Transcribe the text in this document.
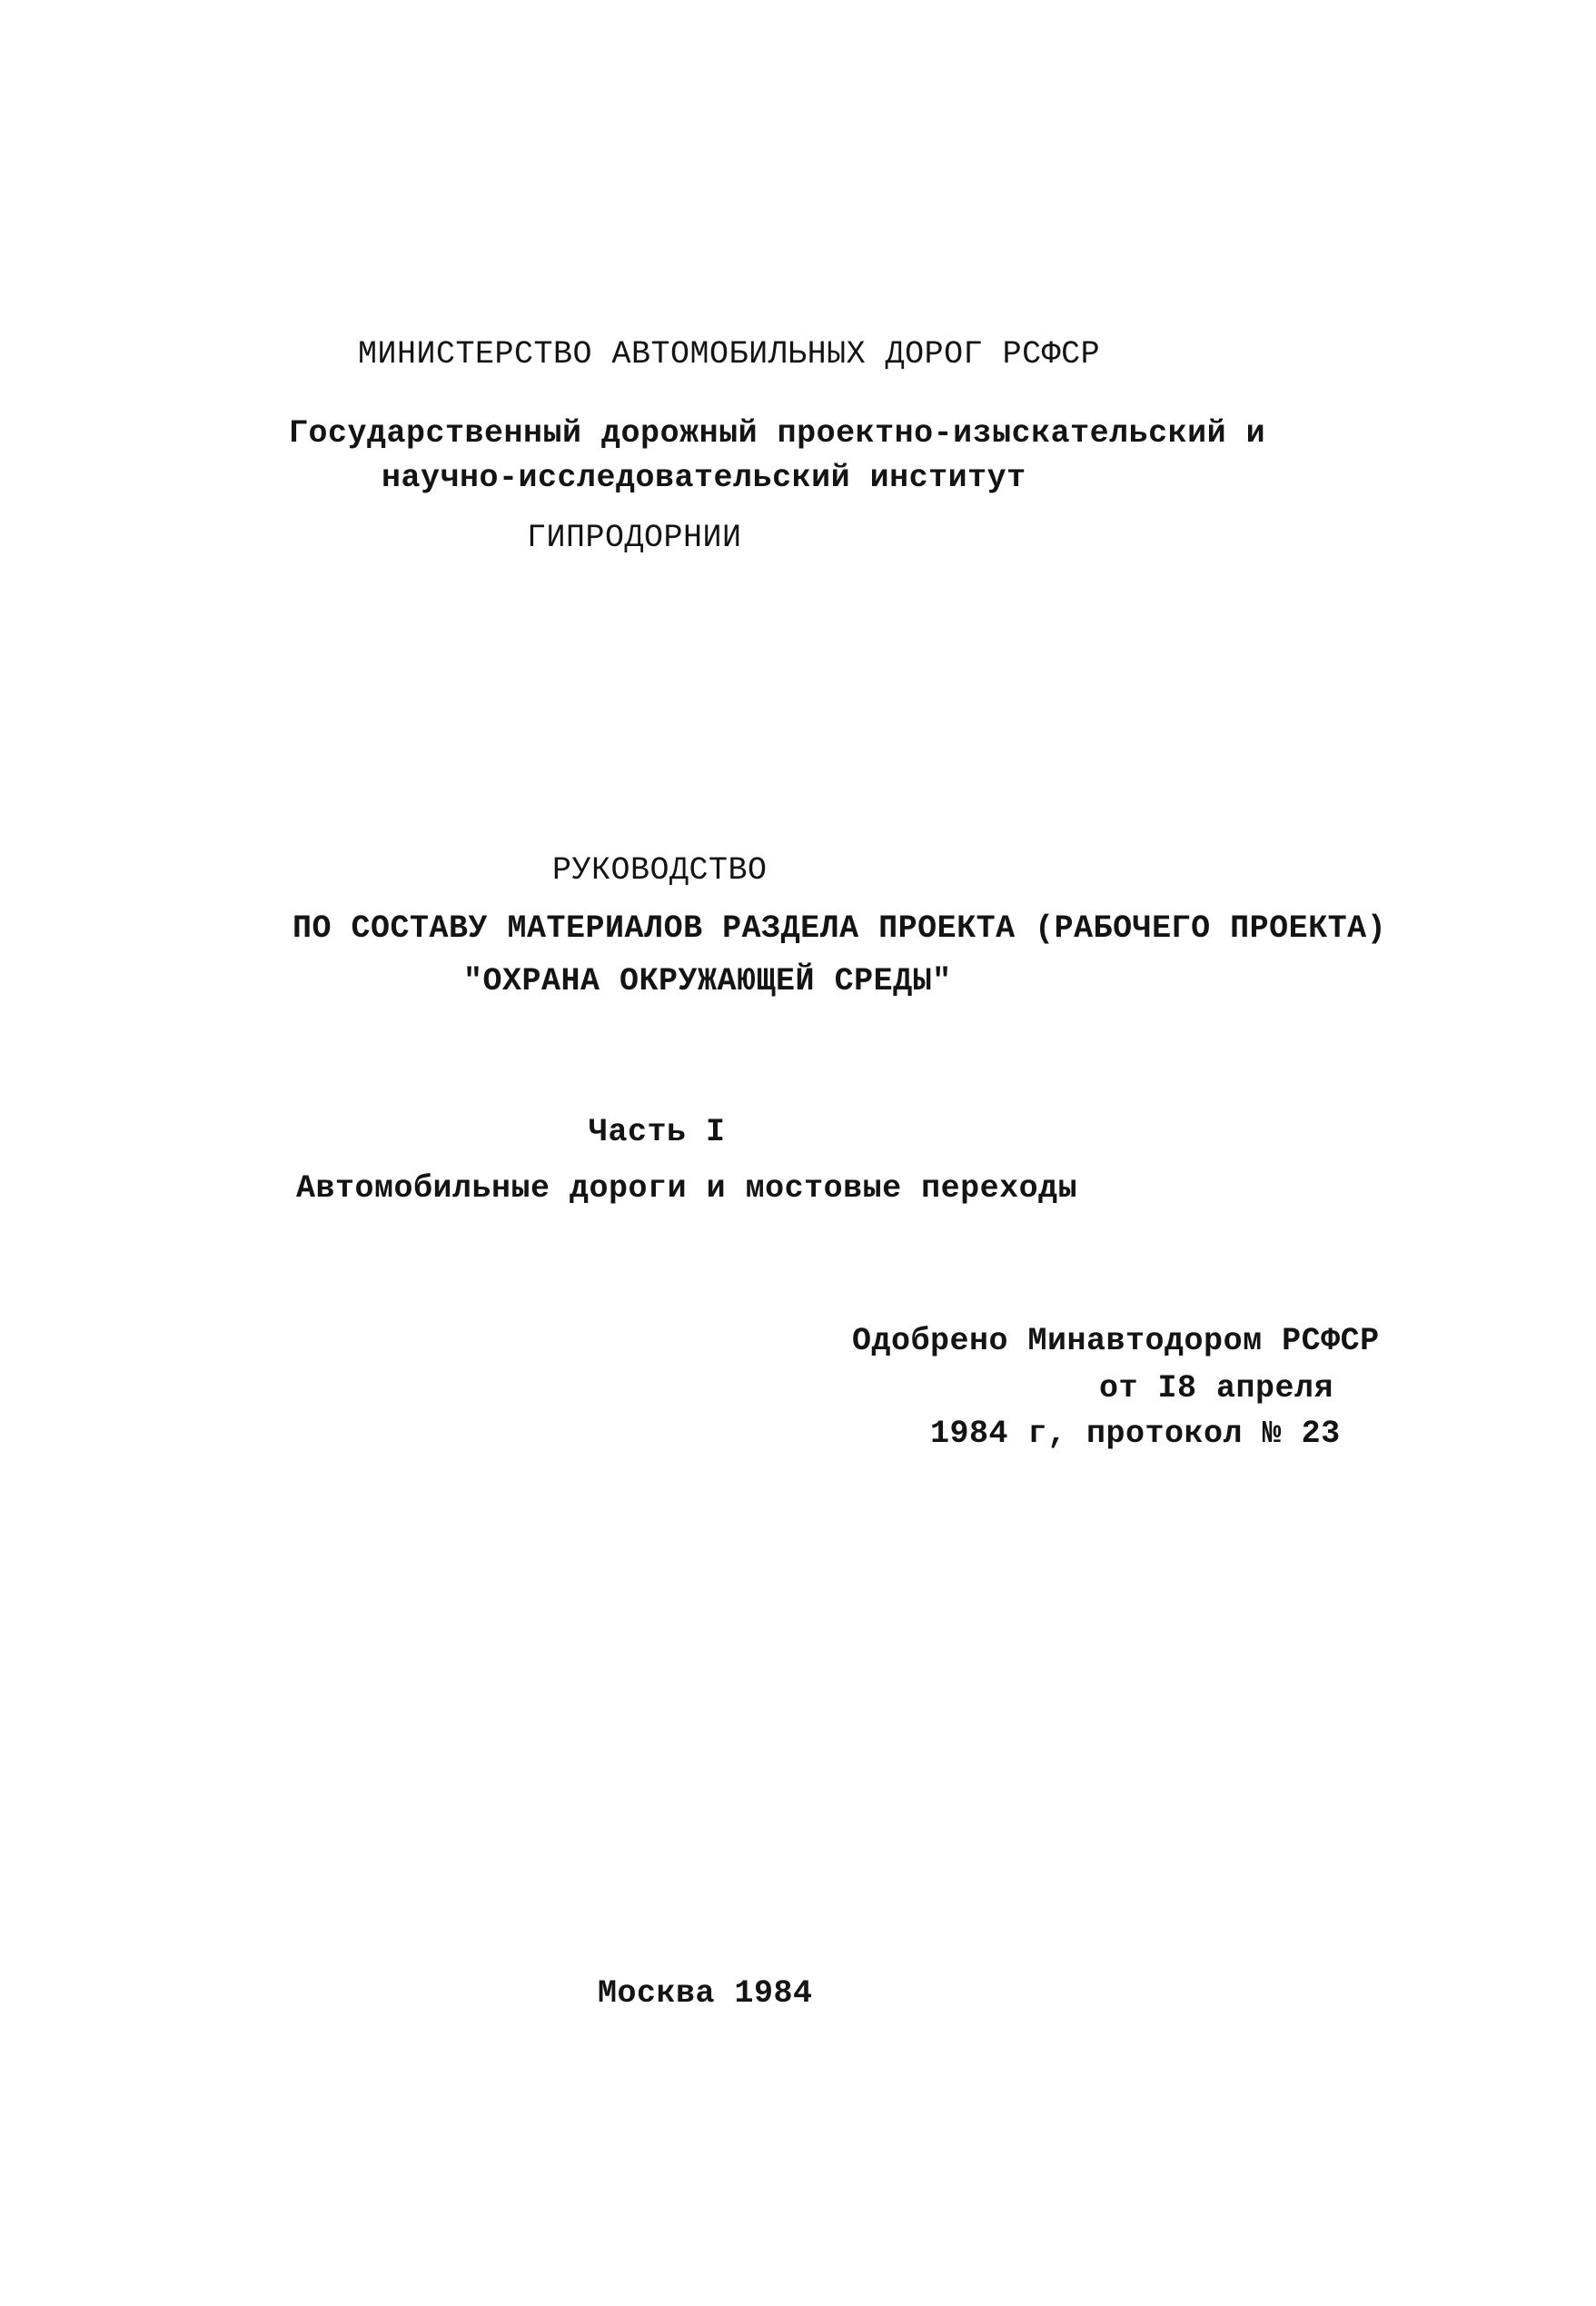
МИНИСТЕРСТВО АВТОМОБИЛЬНЫХ ДОРОГ РСФСР
Государственный дорожный проектно-изыскательский и
научно-исследовательский институт
ГИПРОДОРНИИ
РУКОВОДСТВО
ПО СОСТАВУ МАТЕРИАЛОВ РАЗДЕЛА ПРОЕКТА (РАБОЧЕГО ПРОЕКТА)
"ОХРАНА ОКРУЖАЮЩЕЙ СРЕДЫ"
Часть I
Автомобильные дороги и мостовые переходы
Одобрено Минавтодором РСФСР
от I8 апреля
1984 г, протокол № 23
Москва 1984
